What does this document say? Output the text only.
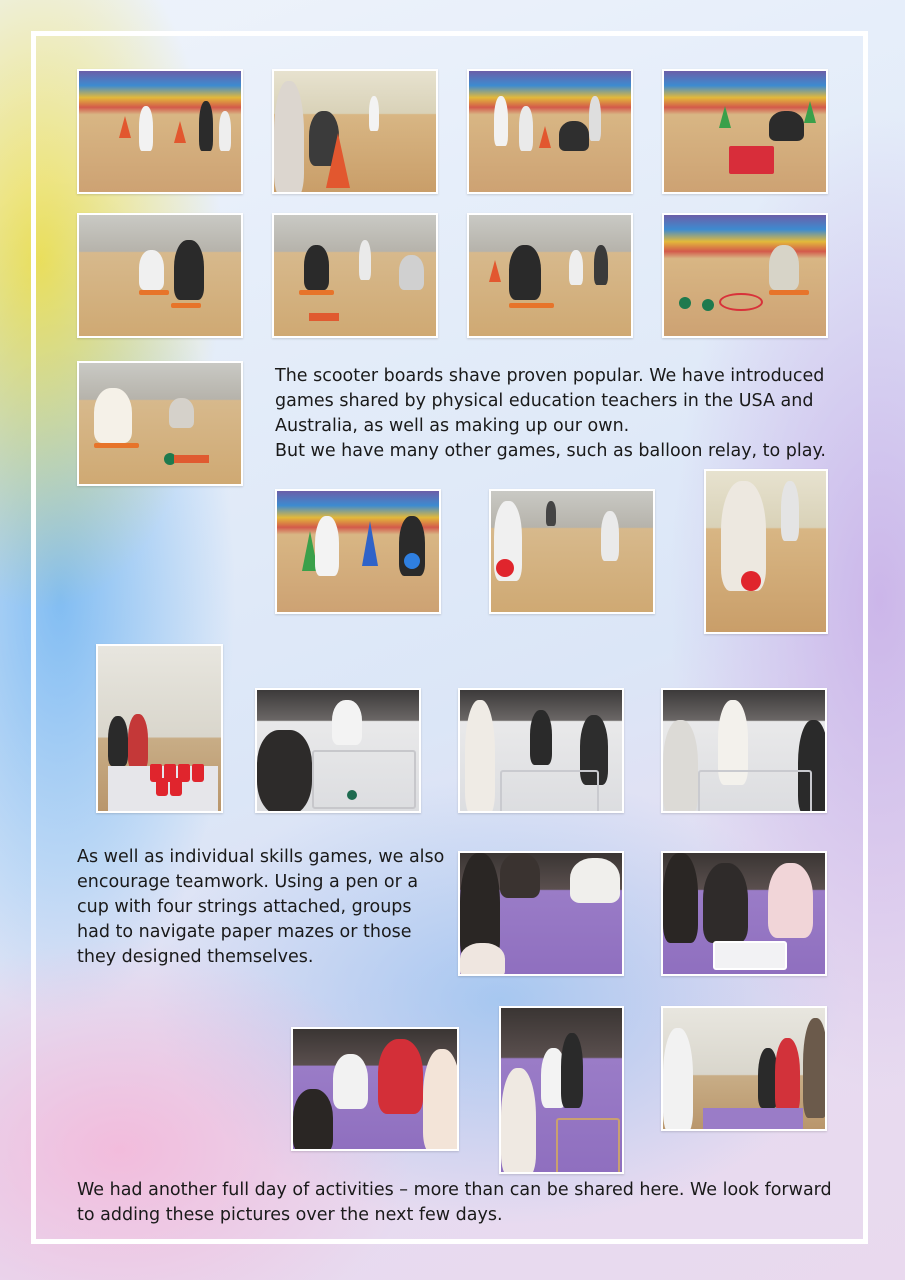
The scooter boards shave proven popular. We have introduced
games shared by physical education teachers in the USA and
Australia, as well as making up our own.
But we have many other games, such as balloon relay, to play.

As well as individual skills games, we also
encourage teamwork. Using a pen or a
cup with four strings attached, groups
had to navigate paper mazes or those
they designed themselves.

We had another full day of activities – more than can be shared here. We look forward
to adding these pictures over the next few days.
